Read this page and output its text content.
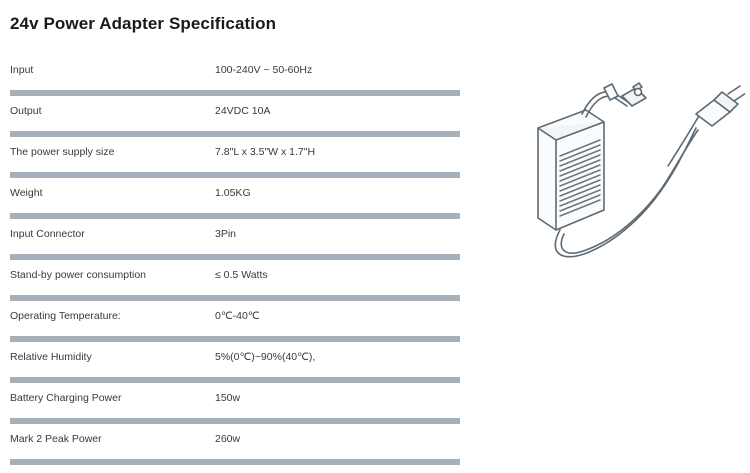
24v Power Adapter Specification
Input	100-240V ~ 50-60Hz
Output	24VDC 10A
The power supply size	7.8"L x 3.5"W x 1.7"H
Weight	1.05KG
Input Connector	3Pin
Stand-by power consumption	≤ 0.5 Watts
Operating Temperature:	0℃-40℃
Relative Humidity	5%(0℃)~90%(40℃),
Battery Charging Power	150w
Mark 2 Peak Power	260w
